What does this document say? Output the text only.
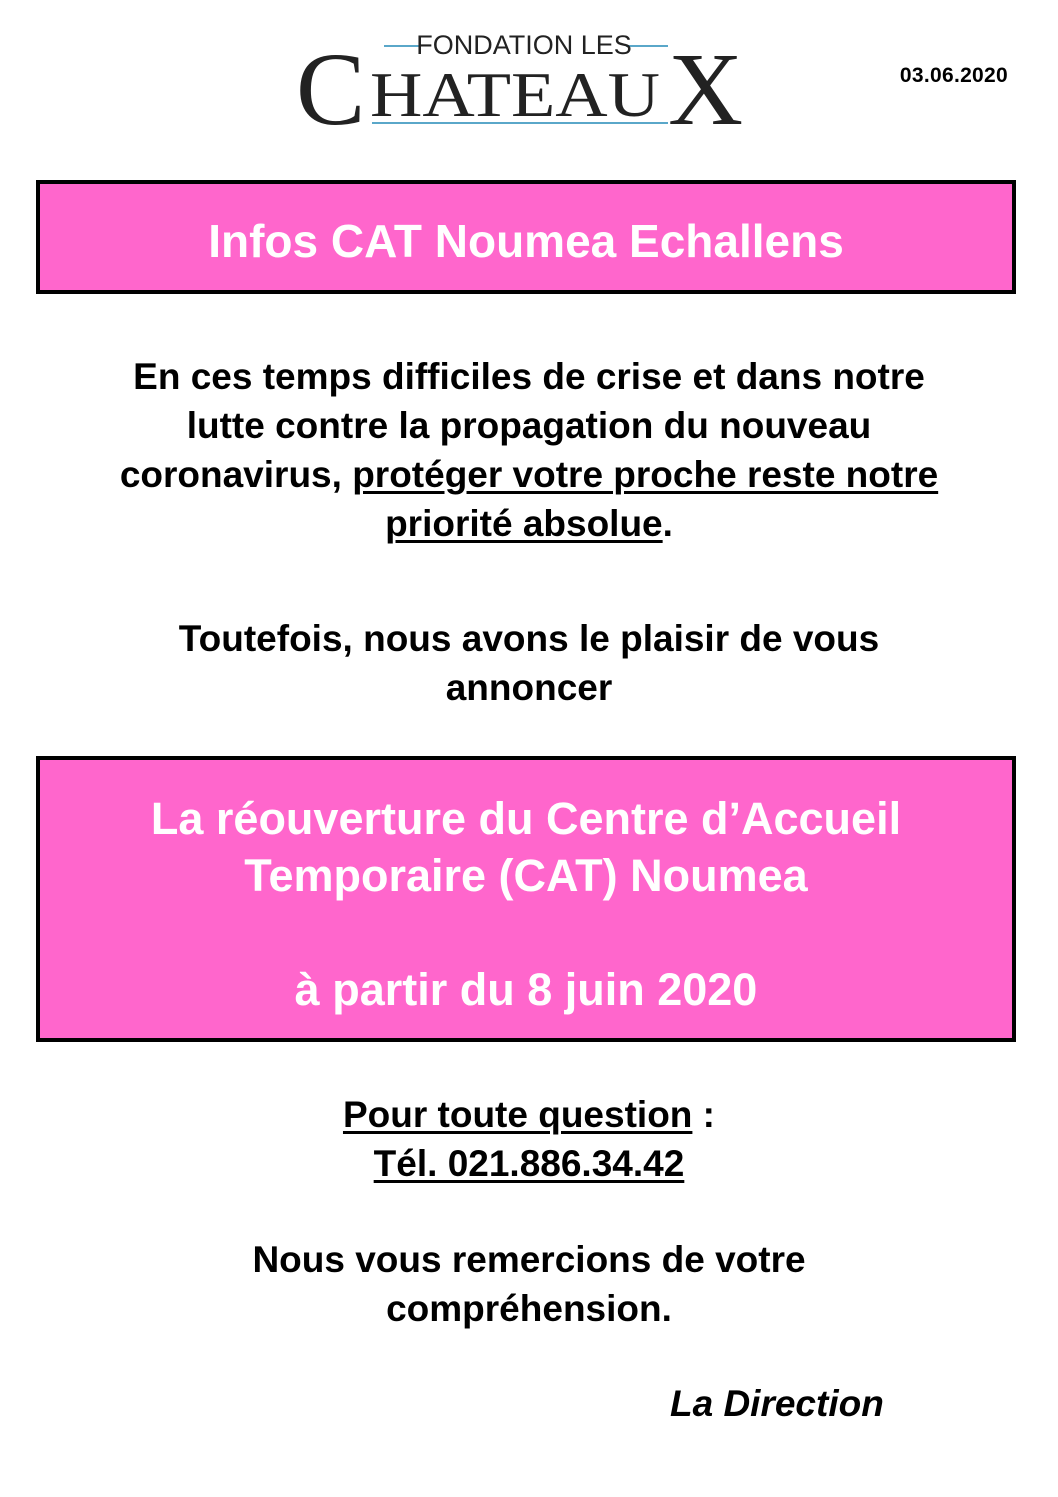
FONDATION LES
C HATEAU X	03.06.2020
Infos CAT Noumea Echallens
En ces temps difficiles de crise et dans notre
lutte contre la propagation du nouveau
coronavirus, protéger votre proche reste notre
priorité absolue.
Toutefois, nous avons le plaisir de vous
annoncer
La réouverture du Centre d’Accueil
Temporaire (CAT) Noumea
à partir du 8 juin 2020
Pour toute question :
Tél. 021.886.34.42
Nous vous remercions de votre
compréhension.
La Direction
